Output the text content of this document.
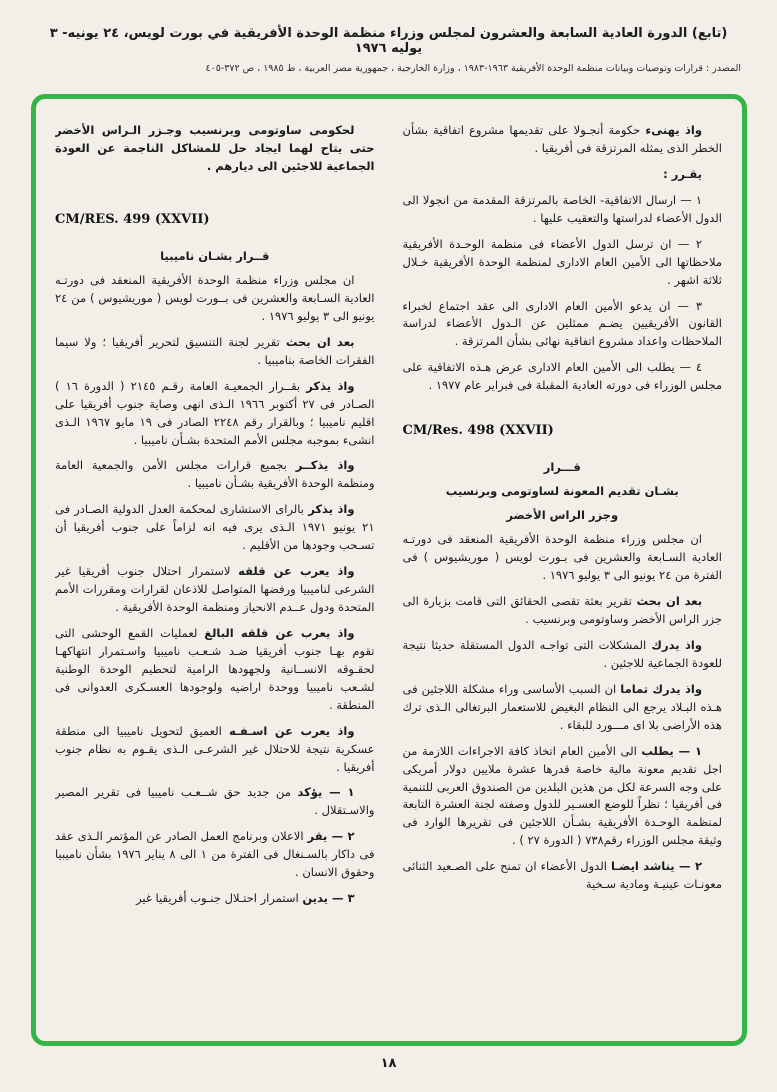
(تابع) الدورة العادية السابعة والعشرون لمجلس وزراء منظمة الوحدة الأفريقية في بورت لويس، ٢٤ يونيه- ٣ يوليه ١٩٧٦
المصدر : قرارات وتوصيات وبيانات منظمة الوحدة الأفريقية ١٩٦٣-١٩٨٣ ، وزارة الخارجية ، جمهورية مصر العربية ، ط ١٩٨٥ ، ص ٣٧٢-٤٠٥

واذ يهنىء حكومة أنجـولا على تقديمها مشروع اتفاقية بشأن الخطر الذى يمثله المرتزقة فى أفريقيا .

يقـرر :

١ — ارسال الاتفاقية- الخاصة بالمرتزقة المقدمة من انجولا الى الدول الأعضاء لدراستها والتعقيب عليها .

٢ — ان ترسل الدول الأعضاء فى منظمة الوحـدة الأفريقية ملاحظاتها الى الأمين العام الادارى لمنظمة الوحدة الأفريقية خـلال ثلاثة اشهر .

٣ — ان يدعو الأمين العام الادارى الى عقد اجتماع لخبراء القانون الأفريقيين يضـم ممثلين عن الـدول الأعضاء لدراسة الملاحظات واعداد مشروع اتفاقية نهائى بشأن المرتزقة .

٤ — يطلب الى الأمين العام الادارى عرض هـذه الاتفاقية على مجلس الوزراء فى دورته العادية المقبلة فى فبراير عام ١٩٧٧ .

CM/Res. 498 (XXVII)

قـــرار

بشـان تقديم المعونة لساوتومى وبرنسيب

وجزر الراس الأخضر

ان مجلس وزراء منظمة الوحدة الأفريقية المنعقد فى دورتـه العادية السـابعة والعشرين فى بـورت لويس ( موريشيوس ) فى الفترة من ٢٤ يونيو الى ٣ يوليو ١٩٧٦ .

بعد ان بحث تقرير بعثة تقصى الحقائق التى قامت بزيارة الى جزر الراس الأخضر وساوتومى وبرنسيب .

واذ يدرك المشكلات التى تواجـه الدول المستقلة حديثا نتيجة للعودة الجماعية للاجئين .

واذ يدرك تماما ان السبب الأساسى وراء مشكلة اللاجئين فى هـذه البـلاد يرجع الى النظام البغيض للاستعمار البرتغالى الـذى ترك هذه الأراضى بلا اى مـــورد للبقاء .

١ — يطلب الى الأمين العام اتخاذ كافة الاجراءات اللازمة من اجل تقديم معونة مالية خاصة قدرها عشرة ملايين دولار أمريكى على وجه السرعة لكل من هذين البلدين من الصندوق العربى للتنمية فى أفريقيا ؛ نظراً للوضع العسـير للدول وصفته لجنة العشرة التابعة لمنظمة الوحـدة الأفريقية بشـأن اللاجئين فى تقريرها الوارد فى وثيقة مجلس الوزراء رقم٧٣٨ ( الدورة ٢٧ ) .

٢ — يناشد ايضـا الدول الأعضاء ان تمنح على الصـعيد الثنائى معونـات عينيـة ومادية سـخية

لحكومى ساوتومى وبرنسيب وجـزر الـراس الأخضر حتى يتاح لهما ايجاد حل للمشاكل الناجمة عن العودة الجماعية للاجئين الى ديارهم .

CM/RES. 499 (XXVII)

قــرار بشـان ناميبيا

ان مجلس وزراء منظمة الوحدة الأفريقية المنعقد فى دورتـه العادية السـابعة والعشرين فى بــورت لويس ( موريشيوس ) من ٢٤ يونيو الى ٣ يوليو ١٩٧٦ .

بعد ان بحث تقرير لجنة التنسيق لتحرير أفريقيا ؛ ولا سيما الفقرات الخاصة بناميبيا .

واذ يذكر بقــرار الجمعيـة العامة رقـم ٢١٤٥ ( الدورة ١٦ ) الصـادر فى ٢٧ أكتوبر ١٩٦٦ الـذى انهى وصاية جنوب أفريقيا على اقليم ناميبيا ؛ وبالقرار رقم ٢٢٤٨ الصادر فى ١٩ مايو ١٩٦٧ الـذى انشىء بموجبه مجلس الأمم المتحدة بشـأن ناميبيا .

واذ يذكــر بجميع قرارات مجلس الأمن والجمعية العامة ومنظمة الوحدة الأفريقية بشـأن ناميبيا .

واذ يذكر بالراى الاستشارى لمحكمة العدل الدولية الصـادر فى ٢١ يونيو ١٩٧١ الـذى يرى فيه انه لزاماً على جنوب أفريقيا أن تسـحب وجودها من الأقليم .

واذ يعرب عن قلقه لاستمرار احتلال جنوب أفريقيا غير الشرعى لناميبيا ورفضها المتواصل للاذعان لقرارات ومقررات الأمم المتحدة ودول عــدم الانحياز ومنظمة الوحدة الأفريقية .

واذ يعرب عن قلقه البالغ لعمليات القمع الوحشى التى تقوم بهـا جنوب أفريقيا ضـد شـعـب ناميبيا واسـتمرار انتهاكهـا لحقـوقه الانســانية ولجهودها الرامية لتحطيم الوحدة الوطنية لشـعب ناميبيا ووحدة اراضيه ولوجودها العسـكرى العدوانى فى المنطقة .

واذ يعرب عن اسـفـه العميق لتحويل ناميبيا الى منطقة عسكرية نتيجة للاحتلال غير الشرعـى الـذى يقـوم به نظام جنوب أفريقيا .

١ — يؤكد من جديد حق شــعـب ناميبيا فى تقرير المصير والاسـتقلال .

٢ — يقر الاعلان وبرنامج العمل الصادر عن المؤتمر الـذى عقد فى داكار بالسـنغال فى الفترة من ١ الى ٨ يناير ١٩٧٦ بشأن ناميبيا وحقوق الانسان .

٣ — يدين استمرار احتـلال جنـوب أفريقيا غير

١٨
